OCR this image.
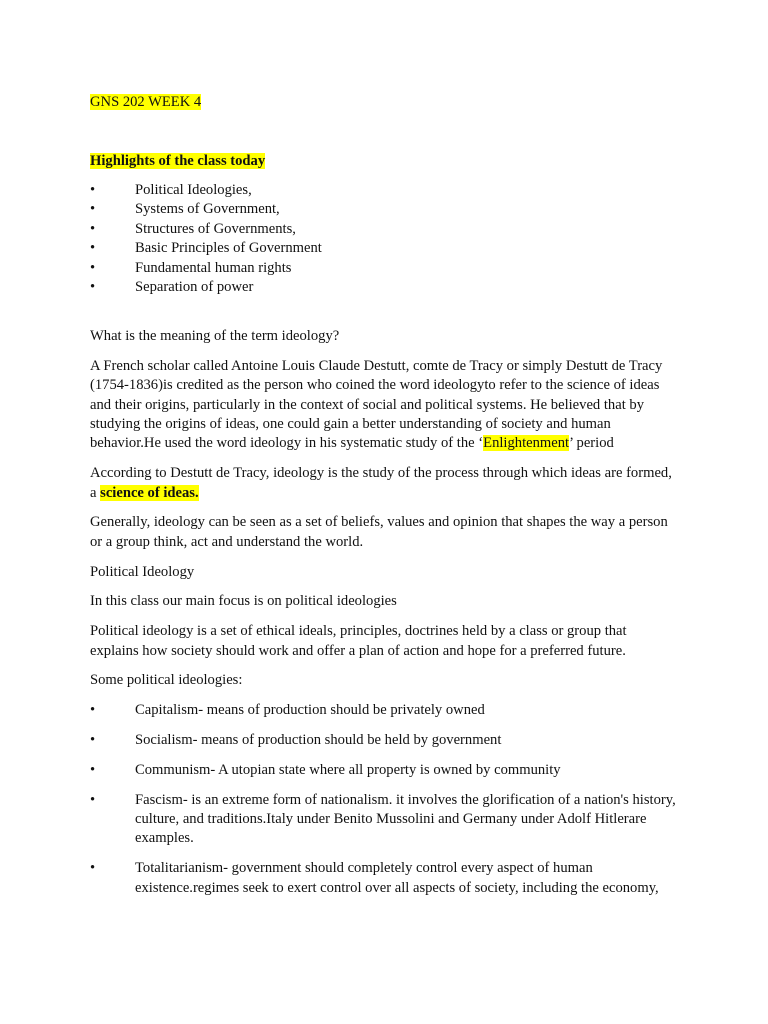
GNS 202 WEEK 4
Highlights of the class today
•	Political Ideologies,
•	Systems of Government,
•	Structures of Governments,
•	Basic Principles of Government
•	Fundamental human rights
•	Separation of power

What is the meaning of the term ideology?

A French scholar called Antoine Louis Claude Destutt, comte de Tracy or simply Destutt de Tracy (1754-1836)is credited as the person who coined the word ideologyto refer to the science of ideas and their origins, particularly in the context of social and political systems. He believed that by studying the origins of ideas, one could gain a better understanding of society and human behavior.He used the word ideology in his systematic study of the ‘Enlightenment’ period

According to Destutt de Tracy, ideology is the study of the process through which ideas are formed, a science of ideas.

Generally, ideology can be seen as a set of beliefs, values and opinion that shapes the way a person or a group think, act and understand the world.

Political Ideology

In this class our main focus is on political ideologies

Political ideology is a set of ethical ideals, principles, doctrines held by a class or group that explains how society should work and offer a plan of action and hope for a preferred future.

Some political ideologies:

•	Capitalism- means of production should be privately owned
•	Socialism- means of production should be held by government
•	Communism- A utopian state where all property is owned by community
•	Fascism- is an extreme form of nationalism. it involves the glorification of a nation's history, culture, and traditions.Italy under Benito Mussolini and Germany under Adolf Hitlerare examples.
•	Totalitarianism- government should completely control every aspect of human existence.regimes seek to exert control over all aspects of society, including the economy,
